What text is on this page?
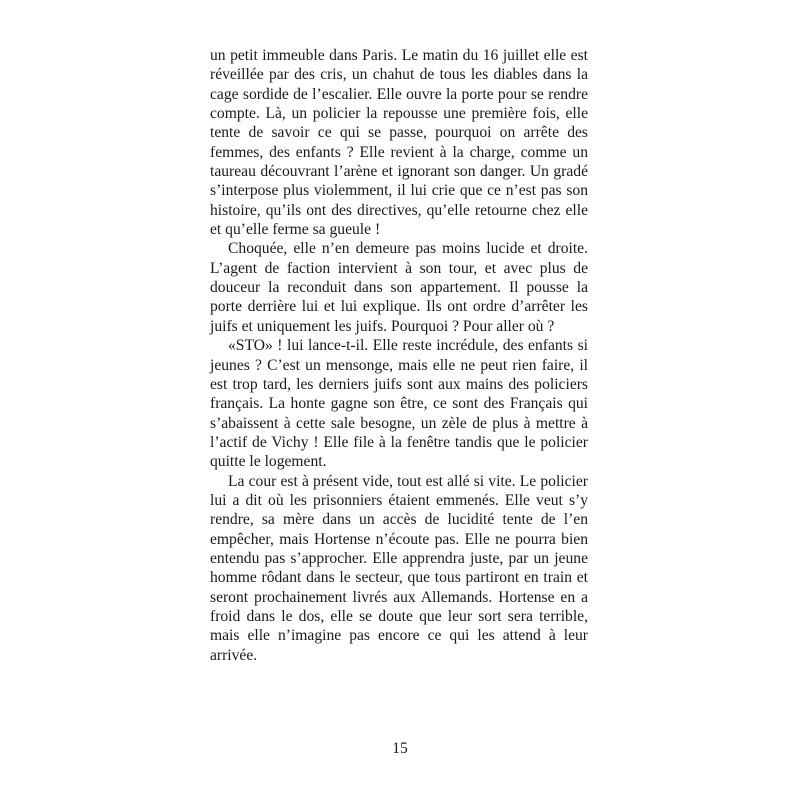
un petit immeuble dans Paris. Le matin du 16 juillet elle est réveillée par des cris, un chahut de tous les diables dans la cage sordide de l’escalier. Elle ouvre la porte pour se rendre compte. Là, un policier la repousse une première fois, elle tente de savoir ce qui se passe, pourquoi on arrête des femmes, des enfants ? Elle revient à la charge, comme un taureau découvrant l’arène et ignorant son danger. Un gradé s’interpose plus violemment, il lui crie que ce n’est pas son histoire, qu’ils ont des directives, qu’elle retourne chez elle et qu’elle ferme sa gueule !

Choquée, elle n’en demeure pas moins lucide et droite. L’agent de faction intervient à son tour, et avec plus de douceur la reconduit dans son appartement. Il pousse la porte derrière lui et lui explique. Ils ont ordre d’arrêter les juifs et uniquement les juifs. Pourquoi ? Pour aller où ?

«STO» ! lui lance-t-il. Elle reste incrédule, des enfants si jeunes ? C’est un mensonge, mais elle ne peut rien faire, il est trop tard, les derniers juifs sont aux mains des policiers français. La honte gagne son être, ce sont des Français qui s’abaissent à cette sale besogne, un zèle de plus à mettre à l’actif de Vichy ! Elle file à la fenêtre tandis que le policier quitte le logement.

La cour est à présent vide, tout est allé si vite. Le policier lui a dit où les prisonniers étaient emmenés. Elle veut s’y rendre, sa mère dans un accès de lucidité tente de l’en empêcher, mais Hortense n’écoute pas. Elle ne pourra bien entendu pas s’approcher. Elle apprendra juste, par un jeune homme rôdant dans le secteur, que tous partiront en train et seront prochainement livrés aux Allemands. Hortense en a froid dans le dos, elle se doute que leur sort sera terrible, mais elle n’imagine pas encore ce qui les attend à leur arrivée.

15
